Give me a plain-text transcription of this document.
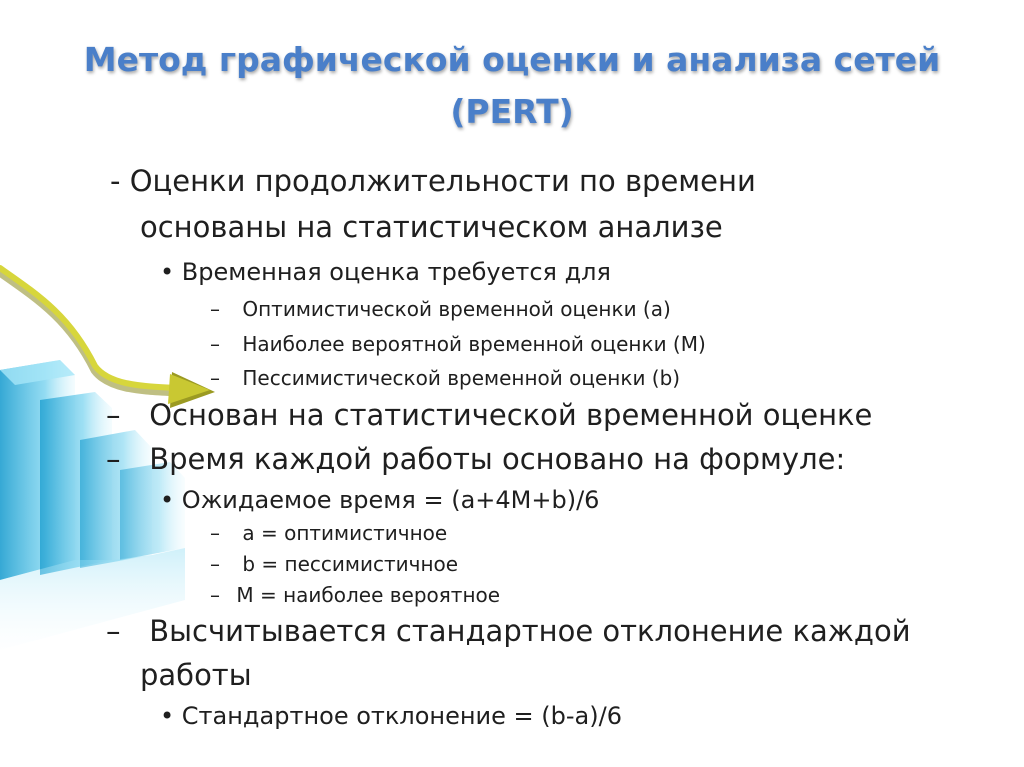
Метод графической оценки и анализа сетей
(PERT)
- Оценки продолжительности по времени
основаны на статистическом анализе
• Временная оценка требуется для
– Оптимистической временной оценки (a)
– Наиболее вероятной временной оценки (M)
– Пессимистической временной оценки (b)
– Основан на статистической временной оценке
– Время каждой работы основано на формуле:
• Ожидаемое время = (a+4M+b)/6
– a = оптимистичное
– b = пессимистичное
– M = наиболее вероятное
– Высчитывается стандартное отклонение каждой
работы
• Стандартное отклонение = (b-a)/6
